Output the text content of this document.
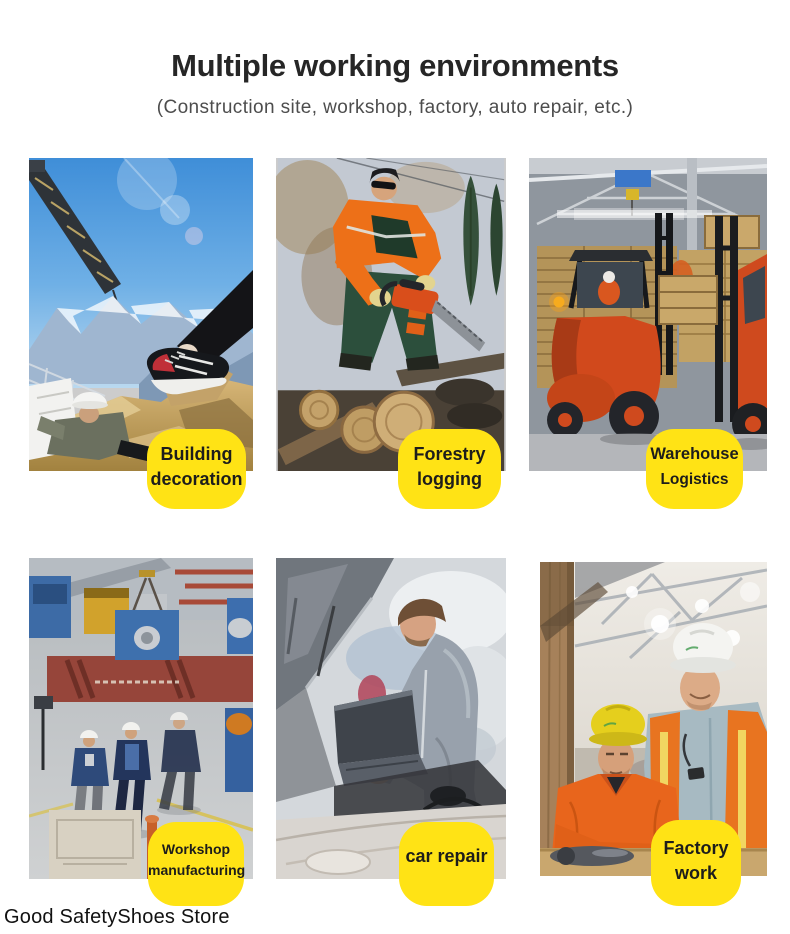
Multiple working environments
(Construction site, workshop, factory, auto repair, etc.)
Building
decoration
Forestry
logging
Warehouse
Logistics
Workshop
manufacturing
car repair	Factory
work
Good SafetyShoes Store
